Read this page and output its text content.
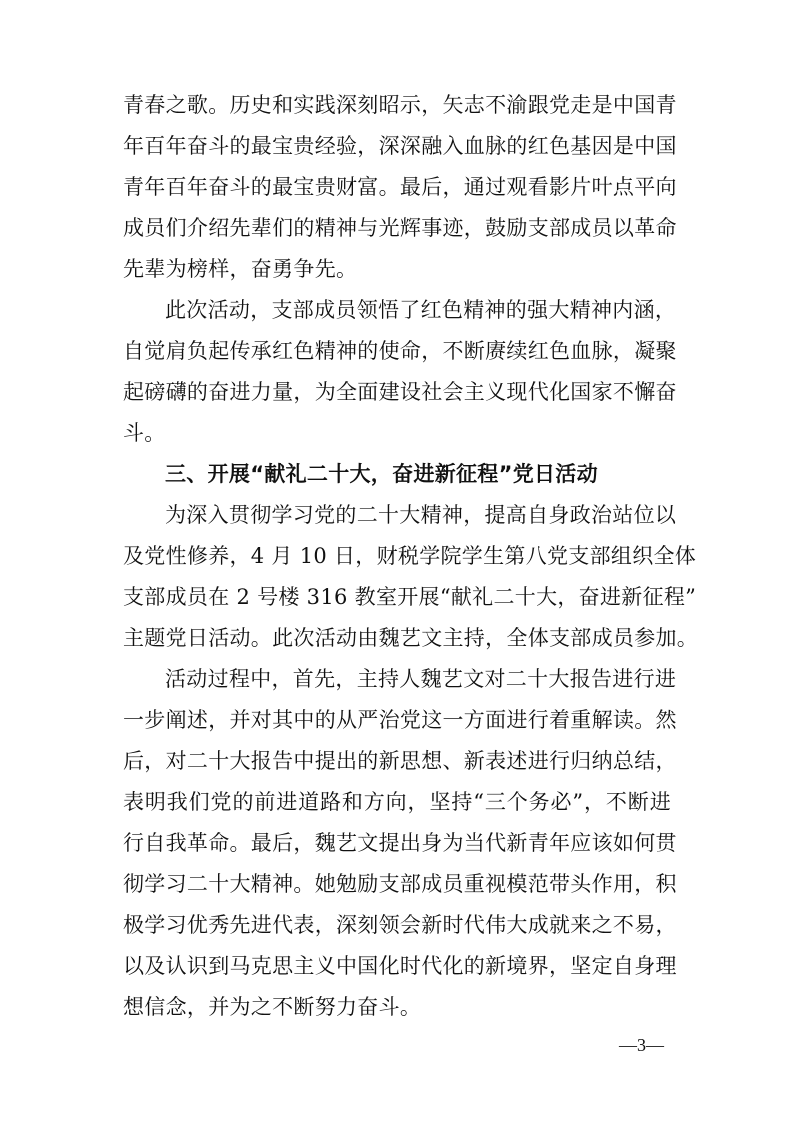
青春之歌。历史和实践深刻昭示，矢志不渝跟党走是中国青
年百年奋斗的最宝贵经验，深深融入血脉的红色基因是中国
青年百年奋斗的最宝贵财富。最后，通过观看影片叶点平向
成员们介绍先辈们的精神与光辉事迹，鼓励支部成员以革命
先辈为榜样，奋勇争先。
此次活动，支部成员领悟了红色精神的强大精神内涵，
自觉肩负起传承红色精神的使命，不断赓续红色血脉，凝聚
起磅礴的奋进力量，为全面建设社会主义现代化国家不懈奋
斗。
三、开展“献礼二十大，奋进新征程”党日活动
为深入贯彻学习党的二十大精神，提高自身政治站位以
及党性修养，4 月 10 日，财税学院学生第八党支部组织全体
支部成员在 2 号楼 316 教室开展“献礼二十大，奋进新征程”
主题党日活动。此次活动由魏艺文主持，全体支部成员参加。
活动过程中，首先，主持人魏艺文对二十大报告进行进
一步阐述，并对其中的从严治党这一方面进行着重解读。然
后，对二十大报告中提出的新思想、新表述进行归纳总结，
表明我们党的前进道路和方向，坚持“三个务必”，不断进
行自我革命。最后，魏艺文提出身为当代新青年应该如何贯
彻学习二十大精神。她勉励支部成员重视模范带头作用，积
极学习优秀先进代表，深刻领会新时代伟大成就来之不易，
以及认识到马克思主义中国化时代化的新境界，坚定自身理
想信念，并为之不断努力奋斗。
—3—
